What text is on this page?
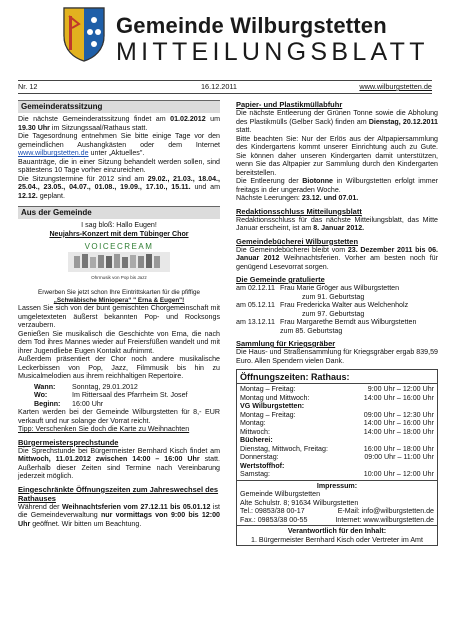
Gemeinde Wilburgstetten
MITTEILUNGSBLATT
Nr. 12	16.12.2011	www.wilburgstetten.de
Gemeinderatssitzung

Die nächste Gemeinderatssitzung findet am 01.02.2012 um 19.30 Uhr im Sitzungssaal/Rathaus statt.

Die Tagesordnung entnehmen Sie bitte einige Tage vor den gemeindlichen Aushangkästen oder dem Internet www.wilburgstetten.de unter „Aktuelles".

Bauanträge, die in einer Sitzung behandelt werden sollen, sind spätestens 10 Tage vorher einzureichen.

Die Sitzungstermine für 2012 sind am 29.02., 21.03., 18.04., 25.04., 23.05., 04.07., 01.08., 19.09., 17.10., 15.11. und am 12.12. geplant.

Aus der Gemeinde

I sag bloß: Hallo Eugen!

Neujahrs-Konzert mit dem Tübinger Chor

VOICECREAM
Ohrmusik von Pop bis Jazz

Erwerben Sie jetzt schon Ihre Eintrittskarten für die pfiffige

„Schwäbische Miniopera“ " Erna & Eugen"!

Lassen Sie sich von der bunt gemischten Chorgemeinschaft mit umgeletexteten äußerst bekannten Pop- und Rocksongs verzaubern.

Genießen Sie musikalisch die Geschichte von Erna, die nach dem Tod ihres Mannes wieder auf Freiersfüßen wandelt und mit ihrer Jugendliebe Eugen Kontakt aufnimmt.

Außerdem präsentiert der Chor noch andere musikalische Leckerbissen von Pop, Jazz, Filmmusik bis hin zu Musicalmelodien aus ihrem reichhaltigen Repertoire.

Wann:	Sonntag, 29.01.2012
Wo:	Im Rittersaal des Pfarrheim St. Josef
Beginn:	16:00 Uhr

Karten werden bei der Gemeinde Wilburgstetten für 8,- EUR verkauft und nur solange der Vorrat reicht.

Tipp: Verschenken Sie doch die Karte zu Weihnachten

Bürgermeistersprechstunde

Die Sprechstunde bei Bürgermeister Bernhard Kisch findet am Mittwoch, 11.01.2012 zwischen 14:00 – 16:00 Uhr statt. Außerhalb dieser Zeiten sind Termine nach Vereinbarung jederzeit möglich.

Eingeschränkte Öffnungszeiten zum Jahreswechsel des Rathauses

Während der Weihnachtsferien vom 27.12.11 bis 05.01.12 ist die Gemeindeverwaltung nur vormittags von 9:00 bis 12:00 Uhr geöffnet. Wir bitten um Beachtung.

Papier- und Plastikmüllabfuhr

Die nächste Entleerung der Grünen Tonne sowie die Abholung des Plastikmülls (Gelber Sack) finden am Dienstag, 20.12.2011 statt.

Bitte beachten Sie: Nur der Erlös aus der Altpapiersammlung des Kindergartens kommt unserer Einrichtung auch zu Gute. Sie können daher unseren Kindergarten damit unterstützen, wenn Sie das Altpapier zur Sammlung durch den Kindergarten bereitstellen.

Die Entleerung der Biotonne in Wilburgstetten erfolgt immer freitags in der ungeraden Woche.

Nächste Leerungen: 23.12. und 07.01.

Redaktionsschluss Mitteilungsblatt

Redaktionsschluss für das nächste Mitteilungsblatt, das Mitte Januar erscheint, ist am 8. Januar 2012.

Gemeindebücherei Wilburgstetten

Die Gemeindebücherei bleibt vom 23. Dezember 2011 bis 06. Januar 2012 Weihnachtsferien. Vorher am besten noch für genügend Lesevorrat sorgen.

Die Gemeinde gratulierte

am 02.12.11 Frau Marie Gröger aus Wilburgstetten
zum 91. Geburtstag
am 05.12.11 Frau Fredericka Walter aus Welchenholz
zum 97. Geburtstag
am 13.12.11 Frau Margarethe Berndt aus Wilburgstetten zum 85. Geburtstag

Sammlung für Kriegsgräber

Die Haus- und Straßensammlung für Kriegsgräber ergab 839,59 Euro. Allen Spendern vielen Dank.

Öffnungszeiten: Rathaus:
Montag – Freitag:	9:00 Uhr – 12:00 Uhr
Montag und Mittwoch:	14:00 Uhr – 16:00 Uhr
VG Wilburgstetten:
Montag – Freitag:	09:00 Uhr – 12:30 Uhr
Montag:	14:00 Uhr – 16:00 Uhr
Mittwoch:	14:00 Uhr – 18:00 Uhr
Bücherei:
Dienstag, Mittwoch, Freitag:	16:00 Uhr – 18:00 Uhr
Donnerstag:	09:00 Uhr – 11:00 Uhr
Wertstoffhof:
Samstag:	10:00 Uhr – 12:00 Uhr
Impressum:
Gemeinde Wilburgstetten
Alte Schulstr. 8; 91634 Wilburgstetten
Tel.: 09853/38 00-17	E-Mail: info@wilburgstetten.de
Fax.: 09853/38 00-55	Internet: www.wilburgstetten.de
Verantwortlich für den Inhalt:
1. Bürgermeister Bernhard Kisch oder Vertreter im Amt
